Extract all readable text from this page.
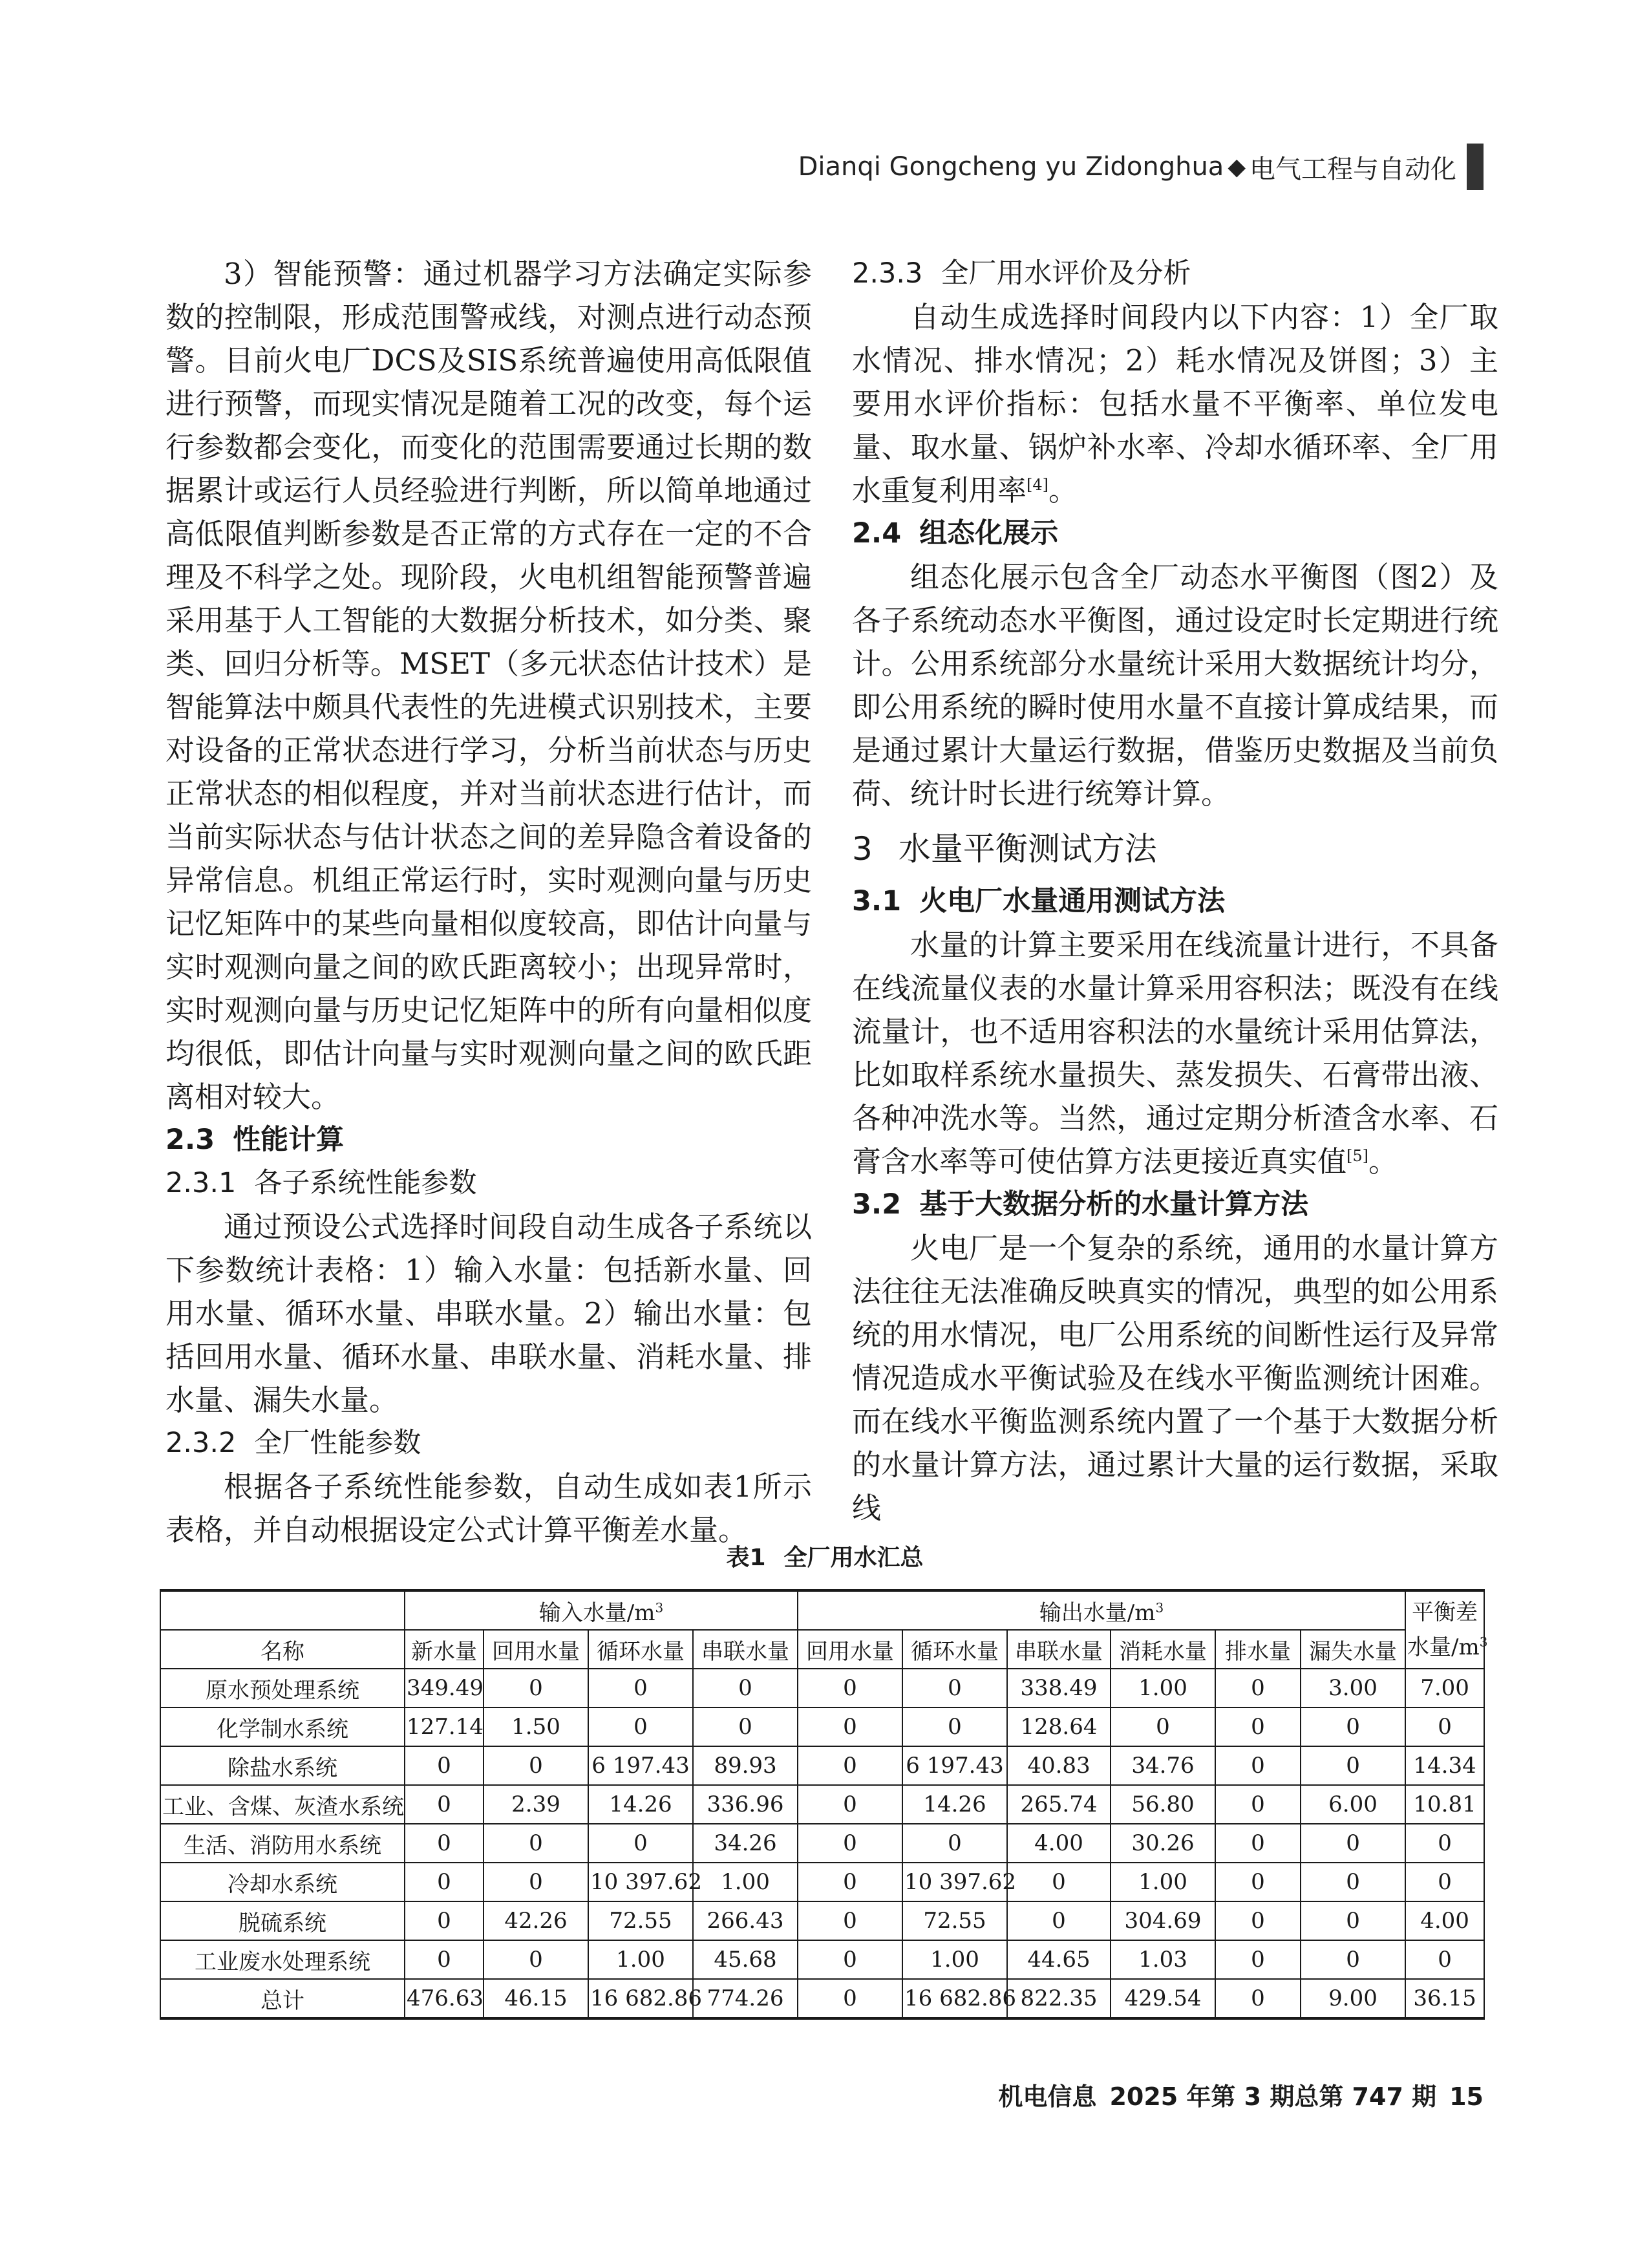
Dianqi Gongcheng yu Zidonghua ◆ 电气工程与自动化

3）智能预警：通过机器学习方法确定实际参数的控制限，形成范围警戒线，对测点进行动态预警。目前火电厂DCS及SIS系统普遍使用高低限值进行预警，而现实情况是随着工况的改变，每个运行参数都会变化，而变化的范围需要通过长期的数据累计或运行人员经验进行判断，所以简单地通过高低限值判断参数是否正常的方式存在一定的不合理及不科学之处。现阶段，火电机组智能预警普遍采用基于人工智能的大数据分析技术，如分类、聚类、回归分析等。MSET（多元状态估计技术）是智能算法中颇具代表性的先进模式识别技术，主要对设备的正常状态进行学习，分析当前状态与历史正常状态的相似程度，并对当前状态进行估计，而当前实际状态与估计状态之间的差异隐含着设备的异常信息。机组正常运行时，实时观测向量与历史记忆矩阵中的某些向量相似度较高，即估计向量与实时观测向量之间的欧氏距离较小；出现异常时，实时观测向量与历史记忆矩阵中的所有向量相似度均很低，即估计向量与实时观测向量之间的欧氏距离相对较大。

2.3 性能计算

2.3.1 各子系统性能参数

通过预设公式选择时间段自动生成各子系统以下参数统计表格：1）输入水量：包括新水量、回用水量、循环水量、串联水量。2）输出水量：包括回用水量、循环水量、串联水量、消耗水量、排水量、漏失水量。

2.3.2 全厂性能参数

根据各子系统性能参数，自动生成如表1所示表格，并自动根据设定公式计算平衡差水量。

2.3.3 全厂用水评价及分析

自动生成选择时间段内以下内容：1）全厂取水情况、排水情况；2）耗水情况及饼图；3）主要用水评价指标：包括水量不平衡率、单位发电量、取水量、锅炉补水率、冷却水循环率、全厂用水重复利用率[4]。

2.4 组态化展示

组态化展示包含全厂动态水平衡图（图2）及各子系统动态水平衡图，通过设定时长定期进行统计。公用系统部分水量统计采用大数据统计均分，即公用系统的瞬时使用水量不直接计算成结果，而是通过累计大量运行数据，借鉴历史数据及当前负荷、统计时长进行统筹计算。

3 水量平衡测试方法

3.1 火电厂水量通用测试方法

水量的计算主要采用在线流量计进行，不具备在线流量仪表的水量计算采用容积法；既没有在线流量计，也不适用容积法的水量统计采用估算法，比如取样系统水量损失、蒸发损失、石膏带出液、各种冲洗水等。当然，通过定期分析渣含水率、石膏含水率等可使估算方法更接近真实值[5]。

3.2 基于大数据分析的水量计算方法

火电厂是一个复杂的系统，通用的水量计算方法往往无法准确反映真实的情况，典型的如公用系统的用水情况，电厂公用系统的间断性运行及异常情况造成水平衡试验及在线水平衡监测统计困难。而在线水平衡监测系统内置了一个基于大数据分析的水量计算方法，通过累计大量的运行数据，采取线

表1 全厂用水汇总
	输入水量$/m^3$				输出水量$/m^3$						平衡差
水量$/m^3$
名称	新水量	回用水量	循环水量	串联水量	回用水量	循环水量	串联水量	消耗水量	排水量	漏失水量	
原水预处理系统	349.49	0	0	0	0	0	338.49	1.00	0	3.00	7.00
化学制水系统	127.14	1.50	0	0	0	0	128.64	0	0	0	0
除盐水系统	0	0	6 197.43	89.93	0	6 197.43	40.83	34.76	0	0	14.34
工业、含煤、灰渣水系统	0	2.39	14.26	336.96	0	14.26	265.74	56.80	0	6.00	10.81
生活、消防用水系统	0	0	0	34.26	0	0	4.00	30.26	0	0	0
冷却水系统	0	0	10 397.62	1.00	0	10 397.62	0	1.00	0	0	0
脱硫系统	0	42.26	72.55	266.43	0	72.55	0	304.69	0	0	4.00
工业废水处理系统	0	0	1.00	45.68	0	1.00	44.65	1.03	0	0	0
总计	476.63	46.15	16 682.86	774.26	0	16 682.86	822.35	429.54	0	9.00	36.15
机电信息 2025 年第 3 期总第 747 期 15
